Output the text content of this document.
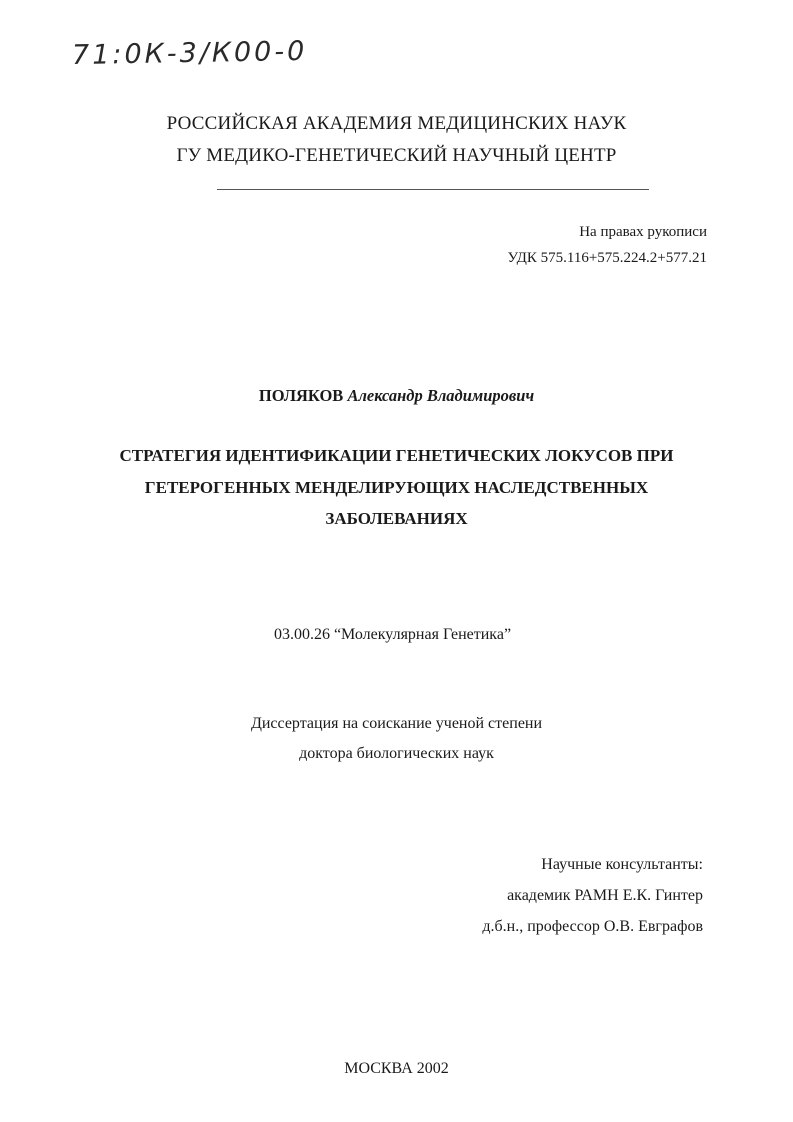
71:0К-3/К00-0
РОССИЙСКАЯ АКАДЕМИЯ МЕДИЦИНСКИХ НАУК
ГУ МЕДИКО-ГЕНЕТИЧЕСКИЙ НАУЧНЫЙ ЦЕНТР
На правах рукописи
УДК 575.116+575.224.2+577.21
ПОЛЯКОВ Александр Владимирович
СТРАТЕГИЯ ИДЕНТИФИКАЦИИ ГЕНЕТИЧЕСКИХ ЛОКУСОВ ПРИ
ГЕТЕРОГЕННЫХ МЕНДЕЛИРУЮЩИХ НАСЛЕДСТВЕННЫХ
ЗАБОЛЕВАНИЯХ
03.00.26 “Молекулярная Генетика”
Диссертация на соискание ученой степени
доктора биологических наук
Научные консультанты:
академик РАМН Е.К. Гинтер
д.б.н., профессор О.В. Евграфов
МОСКВА 2002
